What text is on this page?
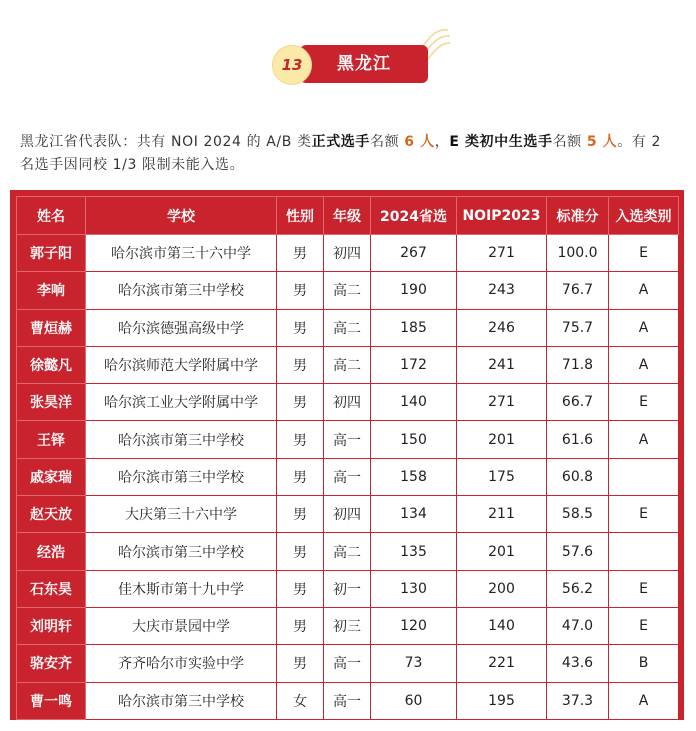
黑龙江
13
黑龙江省代表队：共有 NOI 2024 的 A/B 类正式选手名额 6 人，E 类初中生选手名额 5 人。有 2 名选手因同校 1/3 限制未能入选。
姓名	学校	性别	年级	2024省选	NOIP2023	标准分	入选类别
郭子阳	哈尔滨市第三十六中学	男	初四	267	271	100.0	E
李响	哈尔滨市第三中学校	男	高二	190	243	76.7	A
曹烜赫	哈尔滨德强高级中学	男	高二	185	246	75.7	A
徐懿凡	哈尔滨师范大学附属中学	男	高二	172	241	71.8	A
张昊洋	哈尔滨工业大学附属中学	男	初四	140	271	66.7	E
王铎	哈尔滨市第三中学校	男	高一	150	201	61.6	A
戚家瑞	哈尔滨市第三中学校	男	高一	158	175	60.8	
赵天放	大庆第三十六中学	男	初四	134	211	58.5	E
经浩	哈尔滨市第三中学校	男	高二	135	201	57.6	
石东昊	佳木斯市第十九中学	男	初一	130	200	56.2	E
刘明轩	大庆市景园中学	男	初三	120	140	47.0	E
骆安齐	齐齐哈尔市实验中学	男	高一	73	221	43.6	B
曹一鸣	哈尔滨市第三中学校	女	高一	60	195	37.3	A
